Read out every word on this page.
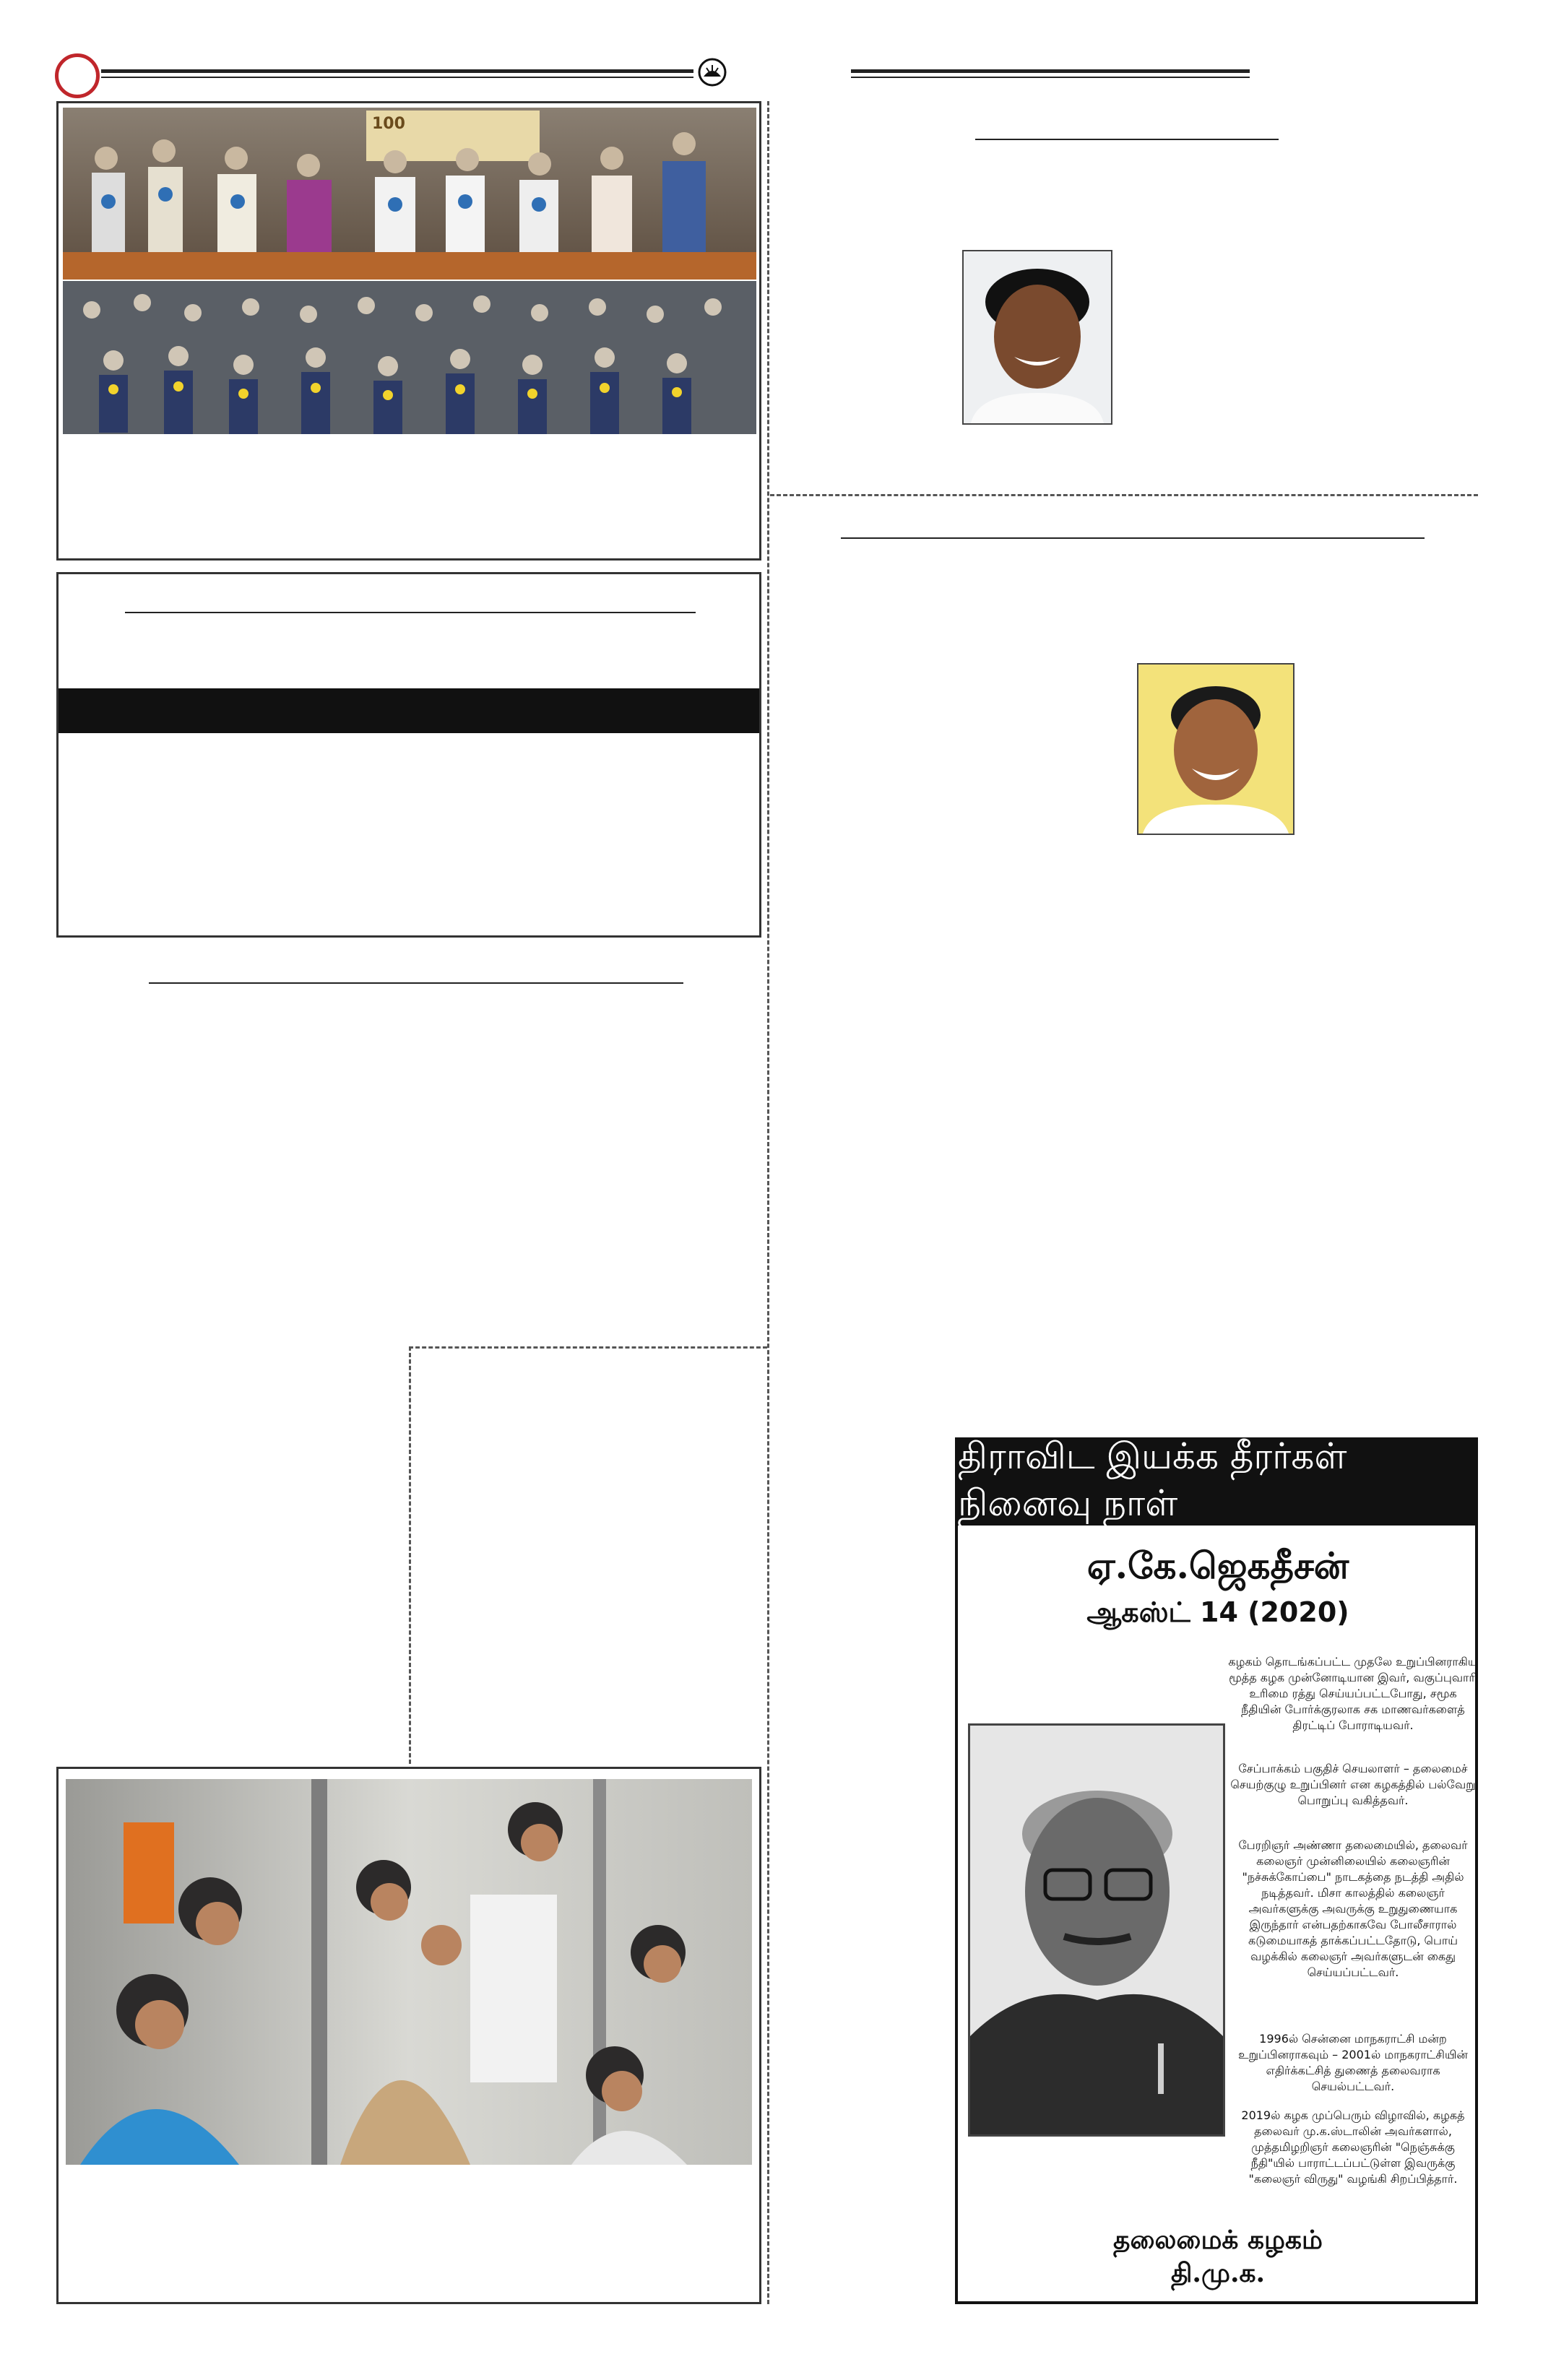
100
திராவிட இயக்க தீரர்கள் நினைவு நாள்
ஏ.கே.ஜெகதீசன்
ஆகஸ்ட் 14 (2020)
கழகம் தொடங்கப்பட்ட முதலே உறுப்பினராகிய மூத்த கழக முன்னோடியான இவர், வகுப்புவாரி உரிமை ரத்து செய்யப்பட்டபோது, சமூக நீதியின் போர்க்குரலாக சக மாணவர்களைத் திரட்டிப் போராடியவர்.
சேப்பாக்கம் பகுதிச் செயலாளர் – தலைமைச் செயற்குழு உறுப்பினர் என கழகத்தில் பல்வேறு பொறுப்பு வகித்தவர்.
பேரறிஞர் அண்ணா தலைமையில், தலைவர் கலைஞர் முன்னிலையில் கலைஞரின் "நச்சுக்கோப்பை" நாடகத்தை நடத்தி அதில் நடித்தவர். மிசா காலத்தில் கலைஞர் அவர்களுக்கு அவருக்கு உறுதுணையாக இருந்தார் என்பதற்காகவே போலீசாரால் கடுமையாகத் தாக்கப்பட்டதோடு, பொய் வழக்கில் கலைஞர் அவர்களுடன் கைது செய்யப்பட்டவர்.
1996ல் சென்னை மாநகராட்சி மன்ற உறுப்பினராகவும் – 2001ல் மாநகராட்சியின் எதிர்க்கட்சித் துணைத் தலைவராக செயல்பட்டவர்.
2019ல் கழக முப்பெரும் விழாவில், கழகத் தலைவர் மு.க.ஸ்டாலின் அவர்களால், முத்தமிழறிஞர் கலைஞரின் "நெஞ்சுக்கு நீதி"யில் பாராட்டப்பட்டுள்ள இவருக்கு "கலைஞர் விருது" வழங்கி சிறப்பித்தார்.
தலைமைக் கழகம்
தி.மு.க.
